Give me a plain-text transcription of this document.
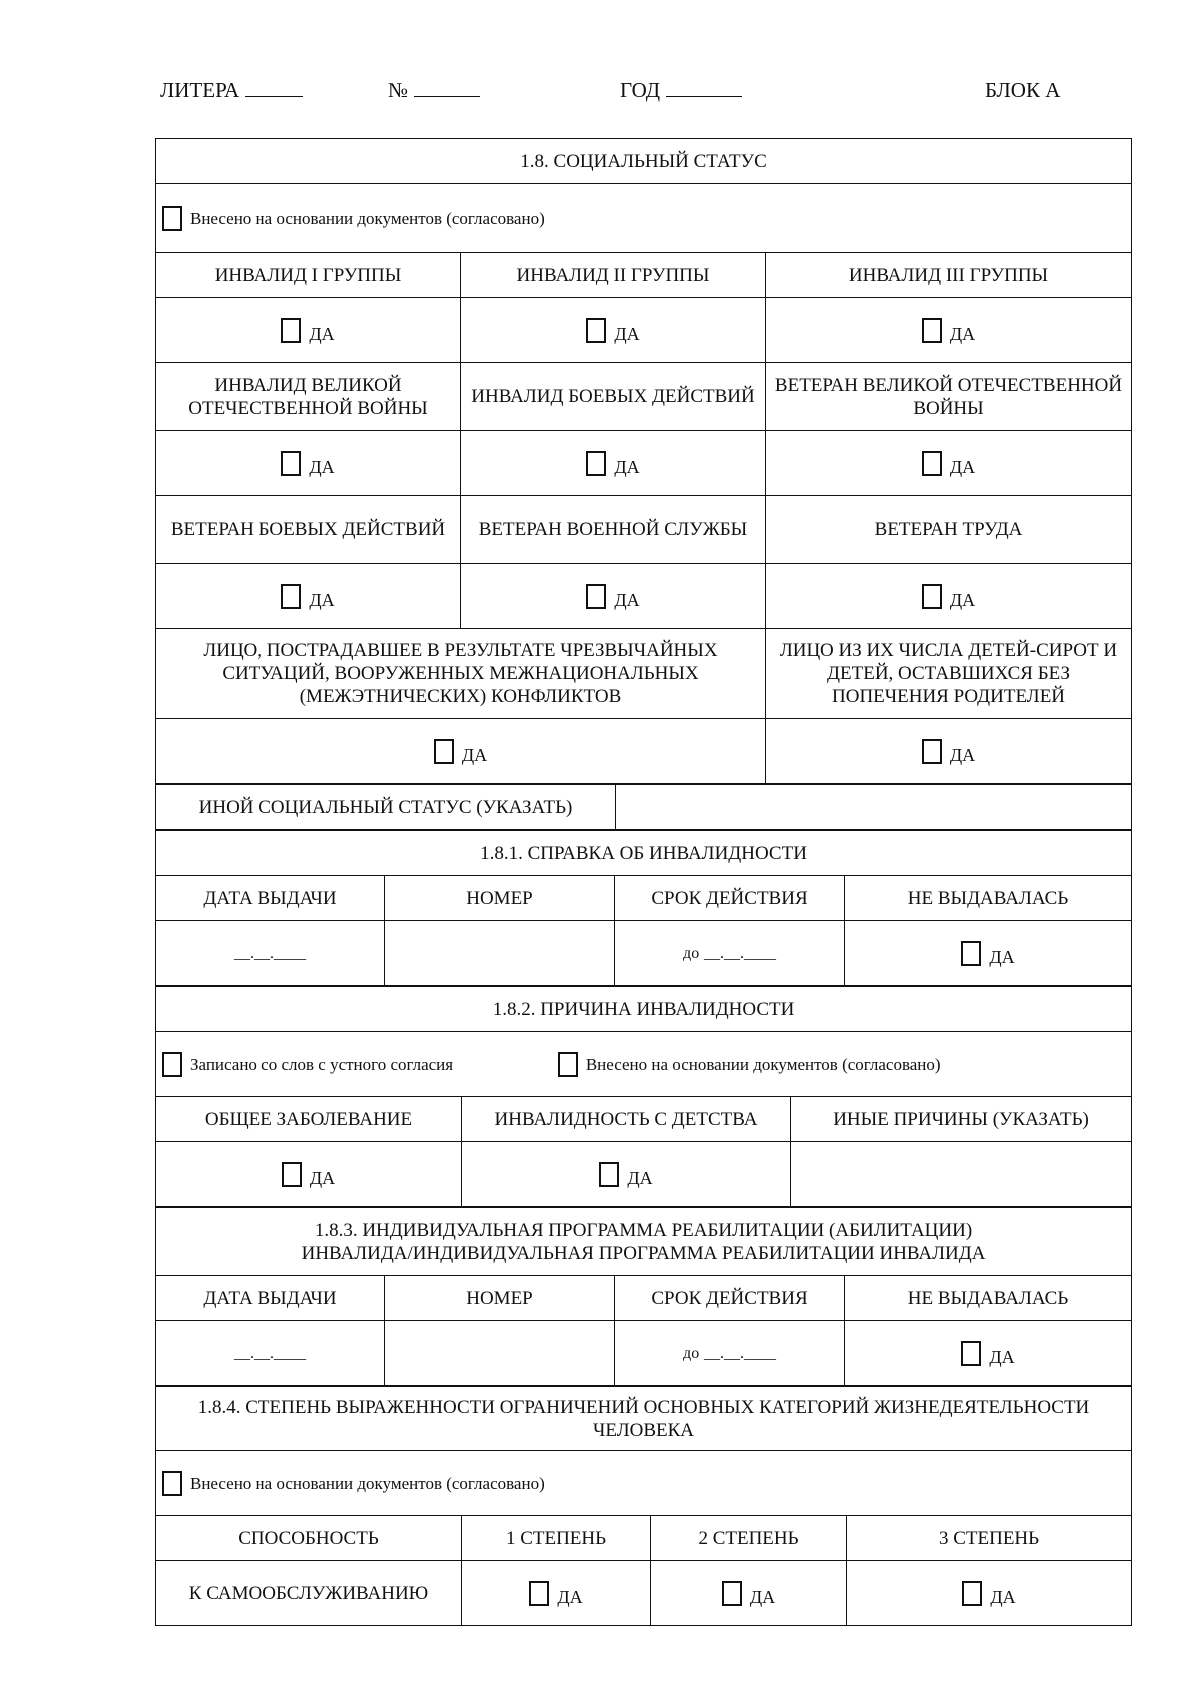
ЛИТЕРА	№	ГОД	БЛОК А
1.8. СОЦИАЛЬНЫЙ СТАТУС		
Внесено на основании документов (согласовано)		
ИНВАЛИД I ГРУППЫ	ИНВАЛИД II ГРУППЫ	ИНВАЛИД III ГРУППЫ
ДА	ДА	ДА
ИНВАЛИД ВЕЛИКОЙ ОТЕЧЕСТВЕННОЙ ВОЙНЫ	ИНВАЛИД БОЕВЫХ ДЕЙСТВИЙ	ВЕТЕРАН ВЕЛИКОЙ ОТЕЧЕСТВЕННОЙ ВОЙНЫ
ДА	ДА	ДА
ВЕТЕРАН БОЕВЫХ ДЕЙСТВИЙ	ВЕТЕРАН ВОЕННОЙ СЛУЖБЫ	ВЕТЕРАН ТРУДА
ДА	ДА	ДА
ЛИЦО, ПОСТРАДАВШЕЕ В РЕЗУЛЬТАТЕ ЧРЕЗВЫЧАЙНЫХ СИТУАЦИЙ, ВООРУЖЕННЫХ МЕЖНАЦИОНАЛЬНЫХ (МЕЖЭТНИЧЕСКИХ) КОНФЛИКТОВ		ЛИЦО ИЗ ИХ ЧИСЛА ДЕТЕЙ-СИРОТ И ДЕТЕЙ, ОСТАВШИХСЯ БЕЗ ПОПЕЧЕНИЯ РОДИТЕЛЕЙ
ДА		ДА
ИНОЙ СОЦИАЛЬНЫЙ СТАТУС (УКАЗАТЬ)	
1.8.1. СПРАВКА ОБ ИНВАЛИДНОСТИ			
ДАТА ВЫДАЧИ	НОМЕР	СРОК ДЕЙСТВИЯ	НЕ ВЫДАВАЛАСЬ
__.__.____		до __.__.____	ДА
1.8.2. ПРИЧИНА ИНВАЛИДНОСТИ		
Записано со слов с устного согласия Внесено на основании документов (согласовано)		
ОБЩЕЕ ЗАБОЛЕВАНИЕ	ИНВАЛИДНОСТЬ С ДЕТСТВА	ИНЫЕ ПРИЧИНЫ (УКАЗАТЬ)
ДА	ДА	
1.8.3. ИНДИВИДУАЛЬНАЯ ПРОГРАММА РЕАБИЛИТАЦИИ (АБИЛИТАЦИИ)
ИНВАЛИДА/ИНДИВИДУАЛЬНАЯ ПРОГРАММА РЕАБИЛИТАЦИИ ИНВАЛИДА			
ДАТА ВЫДАЧИ	НОМЕР	СРОК ДЕЙСТВИЯ	НЕ ВЫДАВАЛАСЬ
__.__.____		до __.__.____	ДА
1.8.4. СТЕПЕНЬ ВЫРАЖЕННОСТИ ОГРАНИЧЕНИЙ ОСНОВНЫХ КАТЕГОРИЙ ЖИЗНЕДЕЯТЕЛЬНОСТИ ЧЕЛОВЕКА			
Внесено на основании документов (согласовано)			
СПОСОБНОСТЬ	1 СТЕПЕНЬ	2 СТЕПЕНЬ	3 СТЕПЕНЬ
К САМООБСЛУЖИВАНИЮ	ДА	ДА	ДА
